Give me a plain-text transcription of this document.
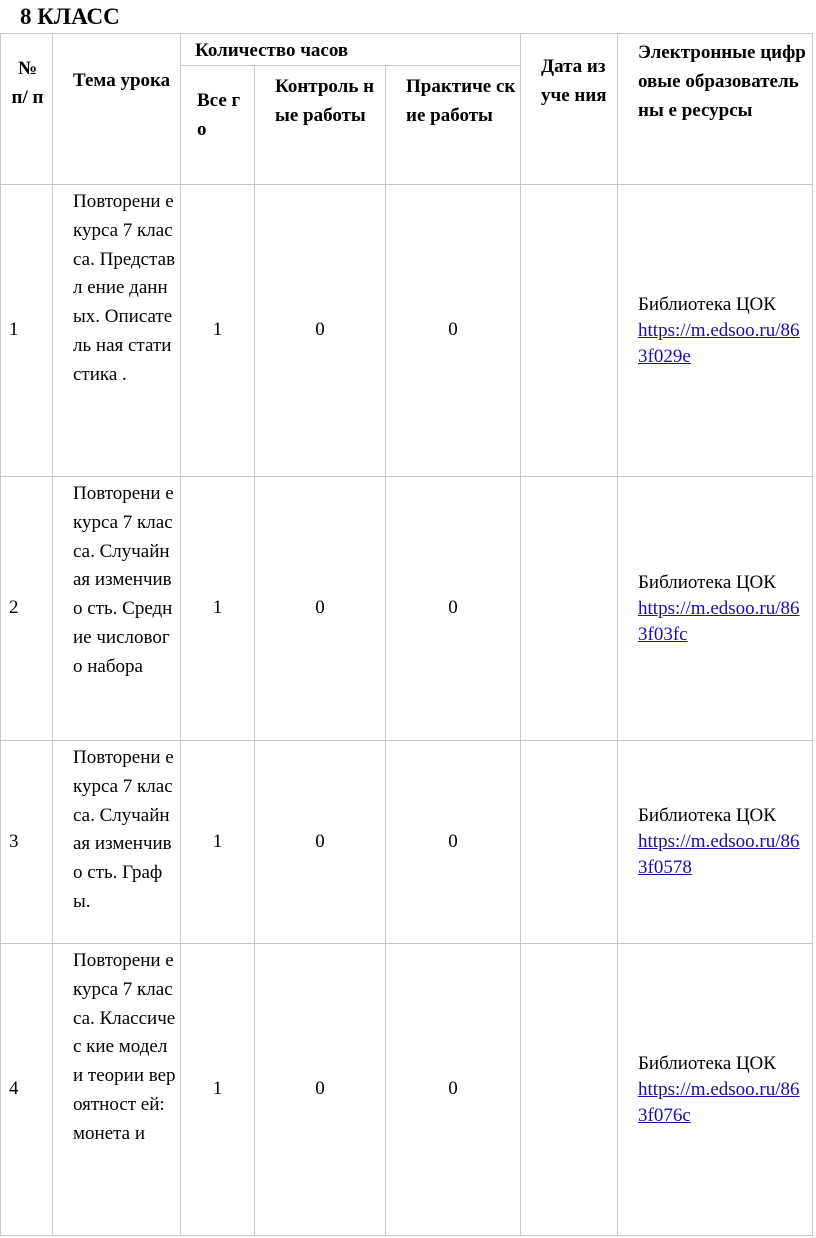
8 КЛАСС
№ п/ п	Тема урока	Количество часов			Дата изуче ния	Электронные цифровые образовательны е ресурсы
		Все го	Контроль ные работы	Практиче ские работы		
1	Повторени е курса 7 класса. Представл ение данных. Описатель ная статистика .	1	0	0		Библиотека ЦОК
https://m.edsoo.ru/863f029e

2	Повторени е курса 7 класса. Случайная изменчиво сть. Средние числового набора	1	0	0		Библиотека ЦОК
https://m.edsoo.ru/863f03fc

3	Повторени е курса 7 класса. Случайная изменчиво сть. Графы.	1	0	0		Библиотека ЦОК
https://m.edsoo.ru/863f0578

4	Повторени е курса 7 класса. Классичес кие модели теории вероятност ей: монета и	1	0	0		Библиотека ЦОК
https://m.edsoo.ru/863f076c
